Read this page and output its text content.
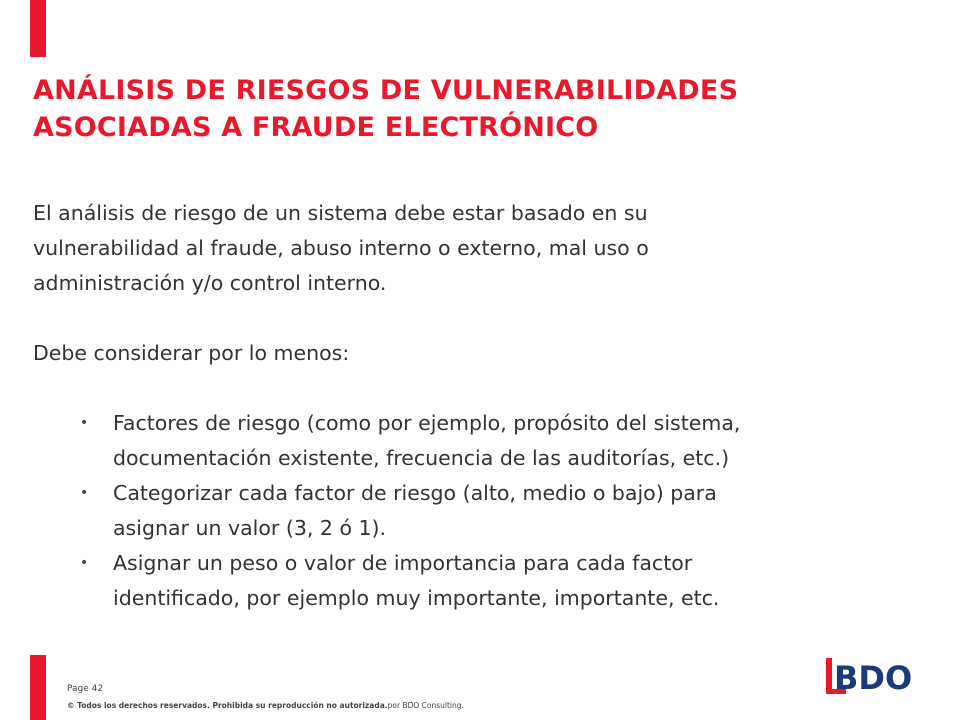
ANÁLISIS DE RIESGOS DE VULNERABILIDADES
ASOCIADAS A FRAUDE ELECTRÓNICO

El análisis de riesgo de un sistema debe estar basado en su
vulnerabilidad al fraude, abuso interno o externo, mal uso o
administración y/o control interno.

Debe considerar por lo menos:

• Factores de riesgo (como por ejemplo, propósito del sistema,
documentación existente, frecuencia de las auditorías, etc.)
• Categorizar cada factor de riesgo (alto, medio o bajo) para
asignar un valor (3, 2 ó 1).
• Asignar un peso o valor de importancia para cada factor
identificado, por ejemplo muy importante, importante, etc.
Page 42
© Todos los derechos reservados. Prohibida su reproducción no autorizada.por BDO Consulting.
BDO
